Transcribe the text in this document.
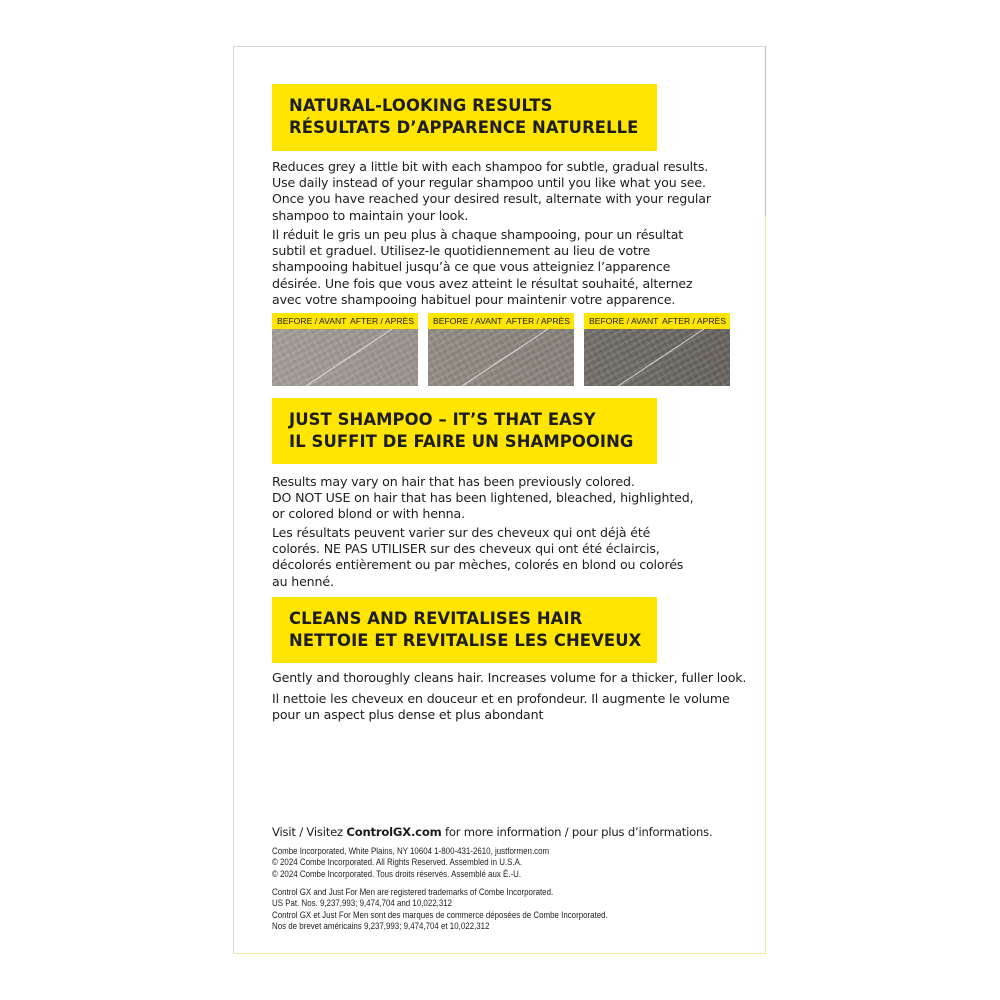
NATURAL-LOOKING RESULTS
RÉSULTATS D’APPARENCE NATURELLE
Reduces grey a little bit with each shampoo for subtle, gradual results.
Use daily instead of your regular shampoo until you like what you see.
Once you have reached your desired result, alternate with your regular
shampoo to maintain your look.
Il réduit le gris un peu plus à chaque shampooing, pour un résultat
subtil et graduel. Utilisez-le quotidiennement au lieu de votre
shampooing habituel jusqu’à ce que vous atteigniez l’apparence
désirée. Une fois que vous avez atteint le résultat souhaité, alternez
avec votre shampooing habituel pour maintenir votre apparence.
BEFORE / AVANT AFTER / APRÈS BEFORE / AVANT AFTER / APRÈS BEFORE / AVANT AFTER / APRÈS
JUST SHAMPOO – IT’S THAT EASY
IL SUFFIT DE FAIRE UN SHAMPOOING
Results may vary on hair that has been previously colored.
DO NOT USE on hair that has been lightened, bleached, highlighted,
or colored blond or with henna.
Les résultats peuvent varier sur des cheveux qui ont déjà été
colorés. NE PAS UTILISER sur des cheveux qui ont été éclaircis,
décolorés entièrement ou par mèches, colorés en blond ou colorés
au henné.
CLEANS AND REVITALISES HAIR
NETTOIE ET REVITALISE LES CHEVEUX
Gently and thoroughly cleans hair. Increases volume for a thicker, fuller look.
Il nettoie les cheveux en douceur et en profondeur. Il augmente le volume
pour un aspect plus dense et plus abondant
Visit / Visitez ControlGX.com for more information / pour plus d’informations.
Combe Incorporated, White Plains, NY 10604 1-800-431-2610, justformen.com
© 2024 Combe Incorporated. All Rights Reserved. Assembled in U.S.A.
© 2024 Combe Incorporated. Tous droits réservés. Assemblé aux É.-U.
Control GX and Just For Men are registered trademarks of Combe Incorporated.
US Pat. Nos. 9,237,993; 9,474,704 and 10,022,312
Control GX et Just For Men sont des marques de commerce déposées de Combe Incorporated.
Nos de brevet américains 9,237,993; 9,474,704 et 10,022,312
